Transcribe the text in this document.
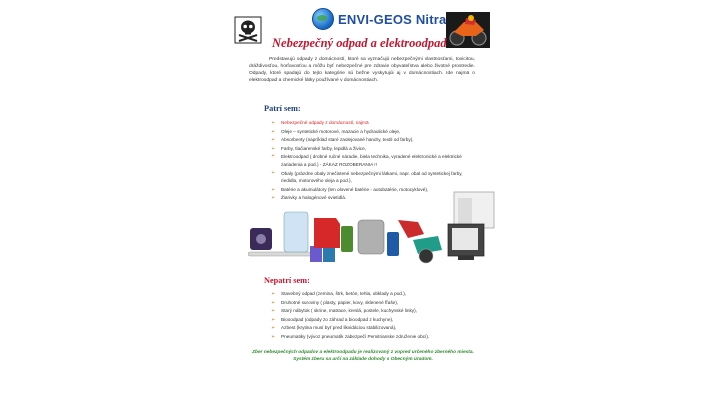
ENVI-GEOS Nitra
Nebezpečný odpad a elektroodpad
Predstavujú odpady z domácností, ktoré sa vyznačujú nebezpečnými vlastnosťami, toxicitou, dráždivosťou, horľavosťou a môžu byť nebezpečné pre zdravie obyvateľstva alebo životné prostredie. Odpady, ktoré spadajú do tejto kategórie sú bežne vyskytujúi aj v domácnostiach. Ide najmä o elektroodpad a chemické látky používané v domácnostiach.
Patrí sem:
➢ Nebezpečné odpady z domácností, najmä
➢ Oleje – syntetické motorové, mazacie a hydraulické oleje,
➢ Absorbenty (napríklad staré zaolejované handry, textil od farby),
➢ Farby, tlačiarenské farby, lepidlá a živice,
➢ Elektroodpad ( drobné ručné náradie, biela technika, vyradené elektronické a elektrické zariadenia a pod.) - ZÁKAZ ROZOBERANIA !!
➢ Obaly (prázdne obaly znečistené nebezpečnými látkami, napr. obal od syntetickej farby, riedidla, motorového oleja a pod.),
➢ Batérie a akumulátory (len olovené batérie - autobatérie, motocyklové),
➢ Žiarivky a halogénové svietidlá.
Nepatrí sem:
➢ Stavebný odpad (zemina, štrk, betón, tehla, obklady a pod.),
➢ Druhotné suroviny ( plasty, papier, kovy, sklenené fľaše),
➢ Starý nábytok ( skrine, matrace, kreslá, postele, kuchynské linky),
➢ Biooodpad (odpady zo záhrad a bioodpad z kuchyne),
➢ Azbest (krytina musí byť pred likvidáciou stabilizovaná),
➢ Pneumatiky (vývoz pneumatík zabezpečí Pemitrianske združenie obcí).
Zber nebezpečných odpadov a elektroodpadu je realizovaný z vopred určeného zberného miesta. Systém zberu sa určí na základe dohody s Obecným úradom.
